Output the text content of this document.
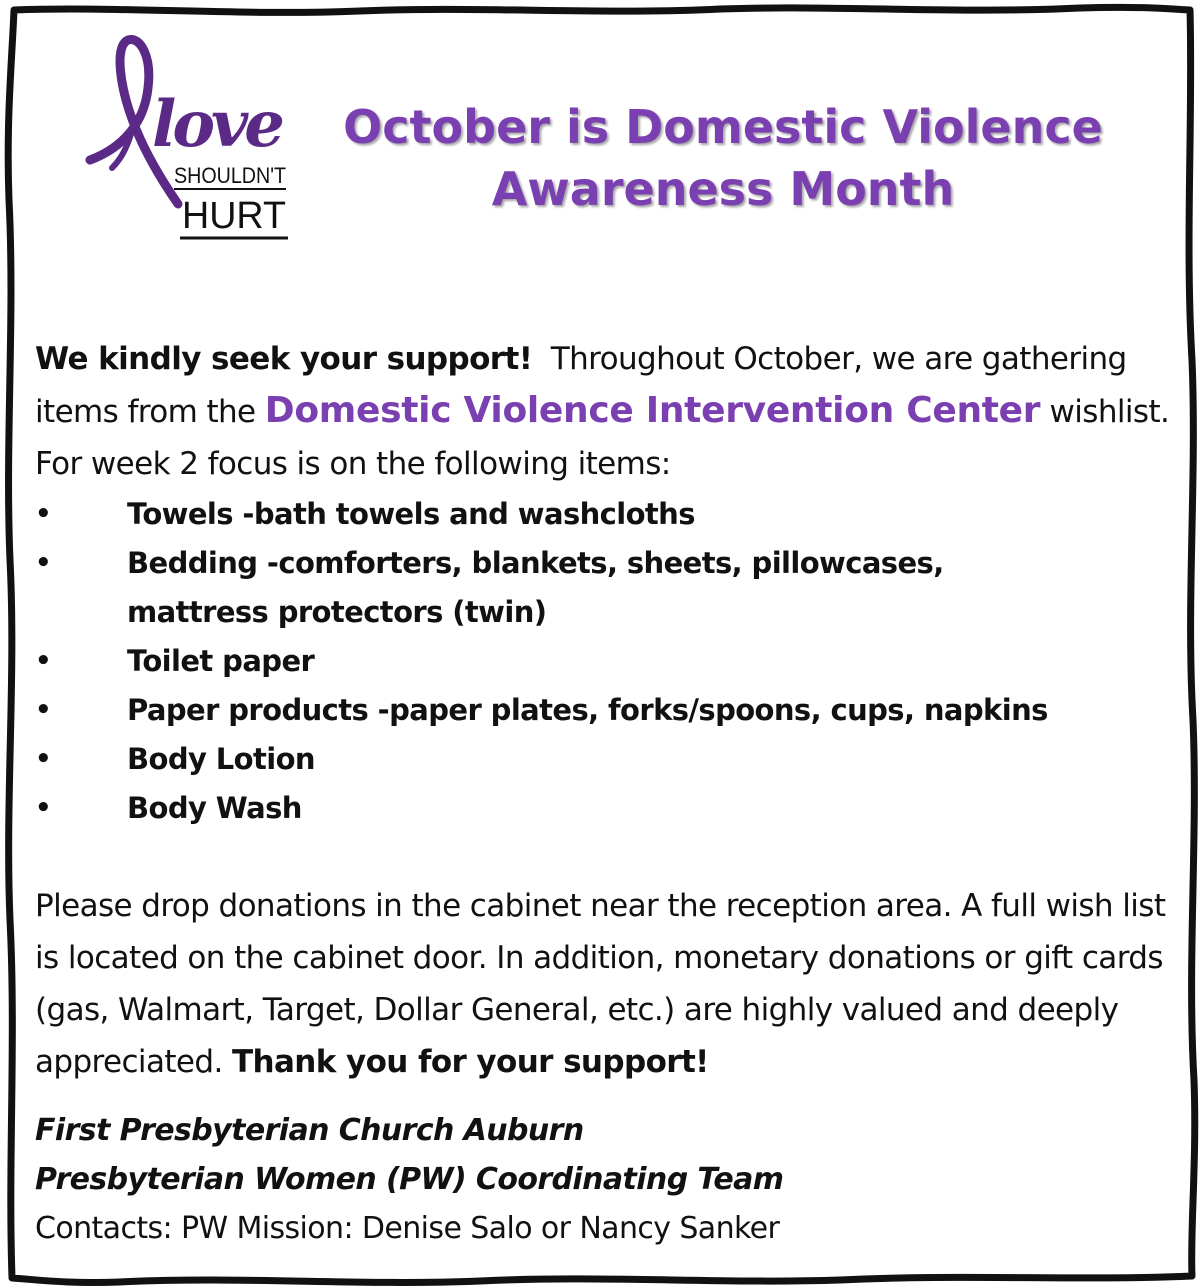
love
SHOULDN'T
HURT
October is Domestic Violence
Awareness Month
We kindly seek your support!  Throughout October, we are gathering items from the Domestic Violence Intervention Center wishlist. For week 2 focus is on the following items:
•	Towels -bath towels and washcloths
•	Bedding -comforters, blankets, sheets, pillowcases,
mattress protectors (twin)
•	Toilet paper
•	Paper products -paper plates, forks/spoons, cups, napkins
•	Body Lotion
•	Body Wash
Please drop donations in the cabinet near the reception area. A full wish list is located on the cabinet door. In addition, monetary donations or gift cards (gas, Walmart, Target, Dollar General, etc.) are highly valued and deeply appreciated. Thank you for your support!
First Presbyterian Church Auburn
Presbyterian Women (PW) Coordinating Team
Contacts: PW Mission: Denise Salo or Nancy Sanker
